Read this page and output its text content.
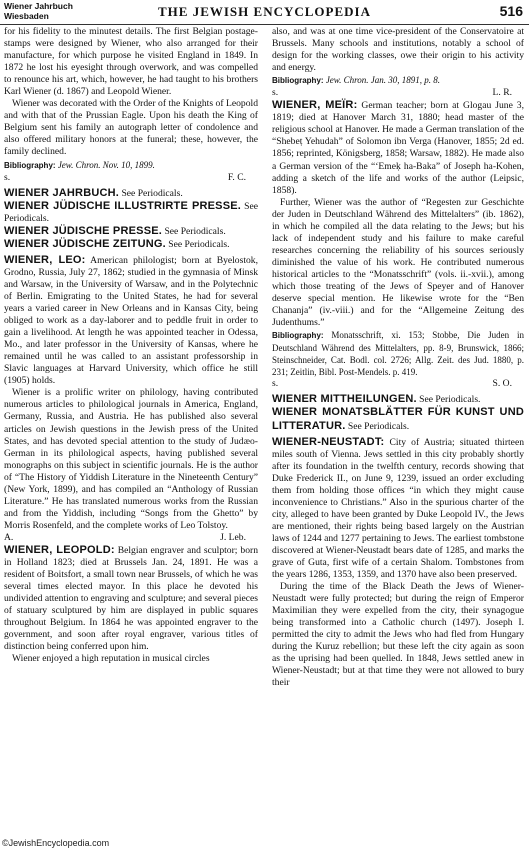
Wiener Jahrbuch
Wiesbaden	THE JEWISH ENCYCLOPEDIA	516

for his fidelity to the minutest details. The first Belgian postage-stamps were designed by Wiener, who also arranged for their manufacture, for which purpose he visited England in 1849. In 1872 he lost his eyesight through overwork, and was compelled to renounce his art, which, however, he had taught to his brothers Karl Wiener (d. 1867) and Leopold Wiener.

Wiener was decorated with the Order of the Knights of Leopold and with that of the Prussian Eagle. Upon his death the King of Belgium sent his family an autograph letter of condolence and also offered military honors at the funeral; these, however, the family declined.

Bibliography: Jew. Chron. Nov. 10, 1899.

s.	F. C.

WIENER JAHRBUCH. See Periodicals.

WIENER JÜDISCHE ILLUSTRIRTE PRESSE. See Periodicals.

WIENER JÜDISCHE PRESSE. See Periodicals.

WIENER JÜDISCHE ZEITUNG. See Periodicals.

WIENER, LEO: American philologist; born at Byelostok, Grodno, Russia, July 27, 1862; studied in the gymnasia of Minsk and Warsaw, in the University of Warsaw, and in the Polytechnic of Berlin. Emigrating to the United States, he had for several years a varied career in New Orleans and in Kansas City, being obliged to work as a day-laborer and to peddle fruit in order to gain a livelihood. At length he was appointed teacher in Odessa, Mo., and later professor in the University of Kansas, where he remained until he was called to an assistant professorship in Slavic languages at Harvard University, which office he still (1905) holds.

Wiener is a prolific writer on philology, having contributed numerous articles to philological journals in America, England, Germany, Russia, and Austria. He has published also several articles on Jewish questions in the Jewish press of the United States, and has devoted special attention to the study of Judæo-German in its philological aspects, having published several monographs on this subject in scientific journals. He is the author of “The History of Yiddish Literature in the Nineteenth Century” (New York, 1899), and has compiled an “Anthology of Russian Literature.” He has translated numerous works from the Russian and from the Yiddish, including “Songs from the Ghetto” by Morris Rosenfeld, and the complete works of Leo Tolstoy.

A.	J. Leb.

WIENER, LEOPOLD: Belgian engraver and sculptor; born in Holland 1823; died at Brussels Jan. 24, 1891. He was a resident of Boitsfort, a small town near Brussels, of which he was several times elected mayor. In this place he devoted his undivided attention to engraving and sculpture; and several pieces of statuary sculptured by him are displayed in public squares throughout Belgium. In 1864 he was appointed engraver to the government, and soon after royal engraver, various titles of distinction being conferred upon him.

Wiener enjoyed a high reputation in musical circles

also, and was at one time vice-president of the Conservatoire at Brussels. Many schools and institutions, notably a school of design for the working classes, owe their origin to his activity and energy.

Bibliography: Jew. Chron. Jan. 30, 1891, p. 8.

s.	L. R.

WIENER, MEÏR: German teacher; born at Glogau June 3, 1819; died at Hanover March 31, 1880; head master of the religious school at Hanover. He made a German translation of the “Shebeṭ Yehudah” of Solomon ibn Verga (Hanover, 1855; 2d ed. 1856; reprinted, Königsberg, 1858; Warsaw, 1882). He made also a German version of the “‘Emeḳ ha-Baka” of Joseph ha-Kohen, adding a sketch of the life and works of the author (Leipsic, 1858).

Further, Wiener was the author of “Regesten zur Geschichte der Juden in Deutschland Während des Mittelalters” (ib. 1862), in which he compiled all the data relating to the Jews; but his lack of independent study and his failure to make careful researches concerning the reliability of his sources seriously diminished the value of his work. He contributed numerous historical articles to the “Monatsschrift” (vols. ii.-xvii.), among which those treating of the Jews of Speyer and of Hanover deserve special mention. He likewise wrote for the “Ben Chananja” (iv.-viii.) and for the “Allgemeine Zeitung des Judenthums.”

Bibliography: Monatsschrift, xi. 153; Stobbe, Die Juden in Deutschland Während des Mittelalters, pp. 8-9, Brunswick, 1866; Steinschneider, Cat. Bodl. col. 2726; Allg. Zeit. des Jud. 1880, p. 231; Zeitlin, Bibl. Post-Mendels. p. 419.

s.	S. O.

WIENER MITTHEILUNGEN. See Periodicals.

WIENER MONATSBLÄTTER FÜR KUNST UND LITTERATUR. See Periodicals.

WIENER-NEUSTADT: City of Austria; situated thirteen miles south of Vienna. Jews settled in this city probably shortly after its foundation in the twelfth century, records showing that Duke Frederick II., on June 9, 1239, issued an order excluding them from holding those offices “in which they might cause inconvenience to Christians.” Also in the spurious charter of the city, alleged to have been granted by Duke Leopold IV., the Jews are mentioned, their rights being based largely on the Austrian laws of 1244 and 1277 pertaining to Jews. The earliest tombstone discovered at Wiener-Neustadt bears date of 1285, and marks the grave of Guta, first wife of a certain Shalom. Tombstones from the years 1286, 1353, 1359, and 1370 have also been preserved.

During the time of the Black Death the Jews of Wiener-Neustadt were fully protected; but during the reign of Emperor Maximilian they were expelled from the city, their synagogue being transformed into a Catholic church (1497). Joseph I. permitted the city to admit the Jews who had fled from Hungary during the Kuruz rebellion; but these left the city again as soon as the uprising had been quelled. In 1848, Jews settled anew in Wiener-Neustadt; but at that time they were not allowed to bury their

©JewishEncyclopedia.com
